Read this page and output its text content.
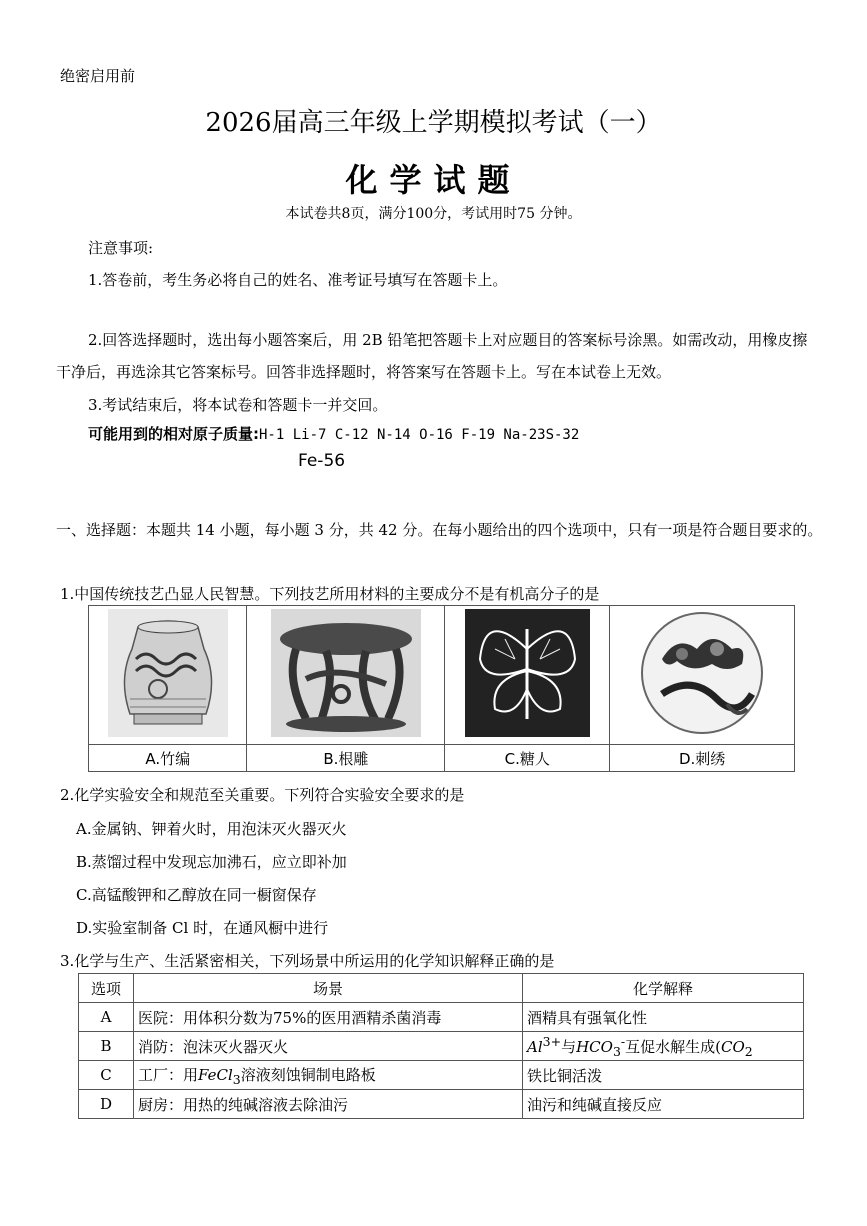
绝密启用前
2026届高三年级上学期模拟考试（一）
化学试题
本试卷共8页，满分100分，考试用时75 分钟。
注意事项:
1.答卷前，考生务必将自己的姓名、准考证号填写在答题卡上。
2.回答选择题时，选出每小题答案后，用 2B 铅笔把答题卡上对应题目的答案标号涂黑。如需改动，用橡皮擦干净后，再选涂其它答案标号。回答非选择题时，将答案写在答题卡上。写在本试卷上无效。
3.考试结束后，将本试卷和答题卡一并交回。
可能用到的相对原子质量:H-1 Li-7 C-12 N-14 O-16 F-19 Na-23S-32
Fe-56
一、选择题：本题共 14 小题，每小题 3 分，共 42 分。在每小题给出的四个选项中，只有一项是符合题目要求的。
1.中国传统技艺凸显人民智慧。下列技艺所用材料的主要成分不是有机高分子的是

A.竹编	B.根雕	C.糖人	D.刺绣
2.化学实验安全和规范至关重要。下列符合实验安全要求的是
A.金属钠、钾着火时，用泡沫灭火器灭火
B.蒸馏过程中发现忘加沸石，应立即补加
C.高锰酸钾和乙醇放在同一橱窗保存
D.实验室制备 Cl 时，在通风橱中进行
3.化学与生产、生活紧密相关，下列场景中所运用的化学知识解释正确的是
选项	场景	化学解释
A	医院：用体积分数为75%的医用酒精杀菌消毒	酒精具有强氧化性
B	消防：泡沫灭火器灭火	$Al^{3+}$与$HCO_3^-$互促水解生成($CO_2$
C	工厂：用FeCl$_3$溶液刻蚀铜制电路板	铁比铜活泼
D	厨房：用热的纯碱溶液去除油污	油污和纯碱直接反应
